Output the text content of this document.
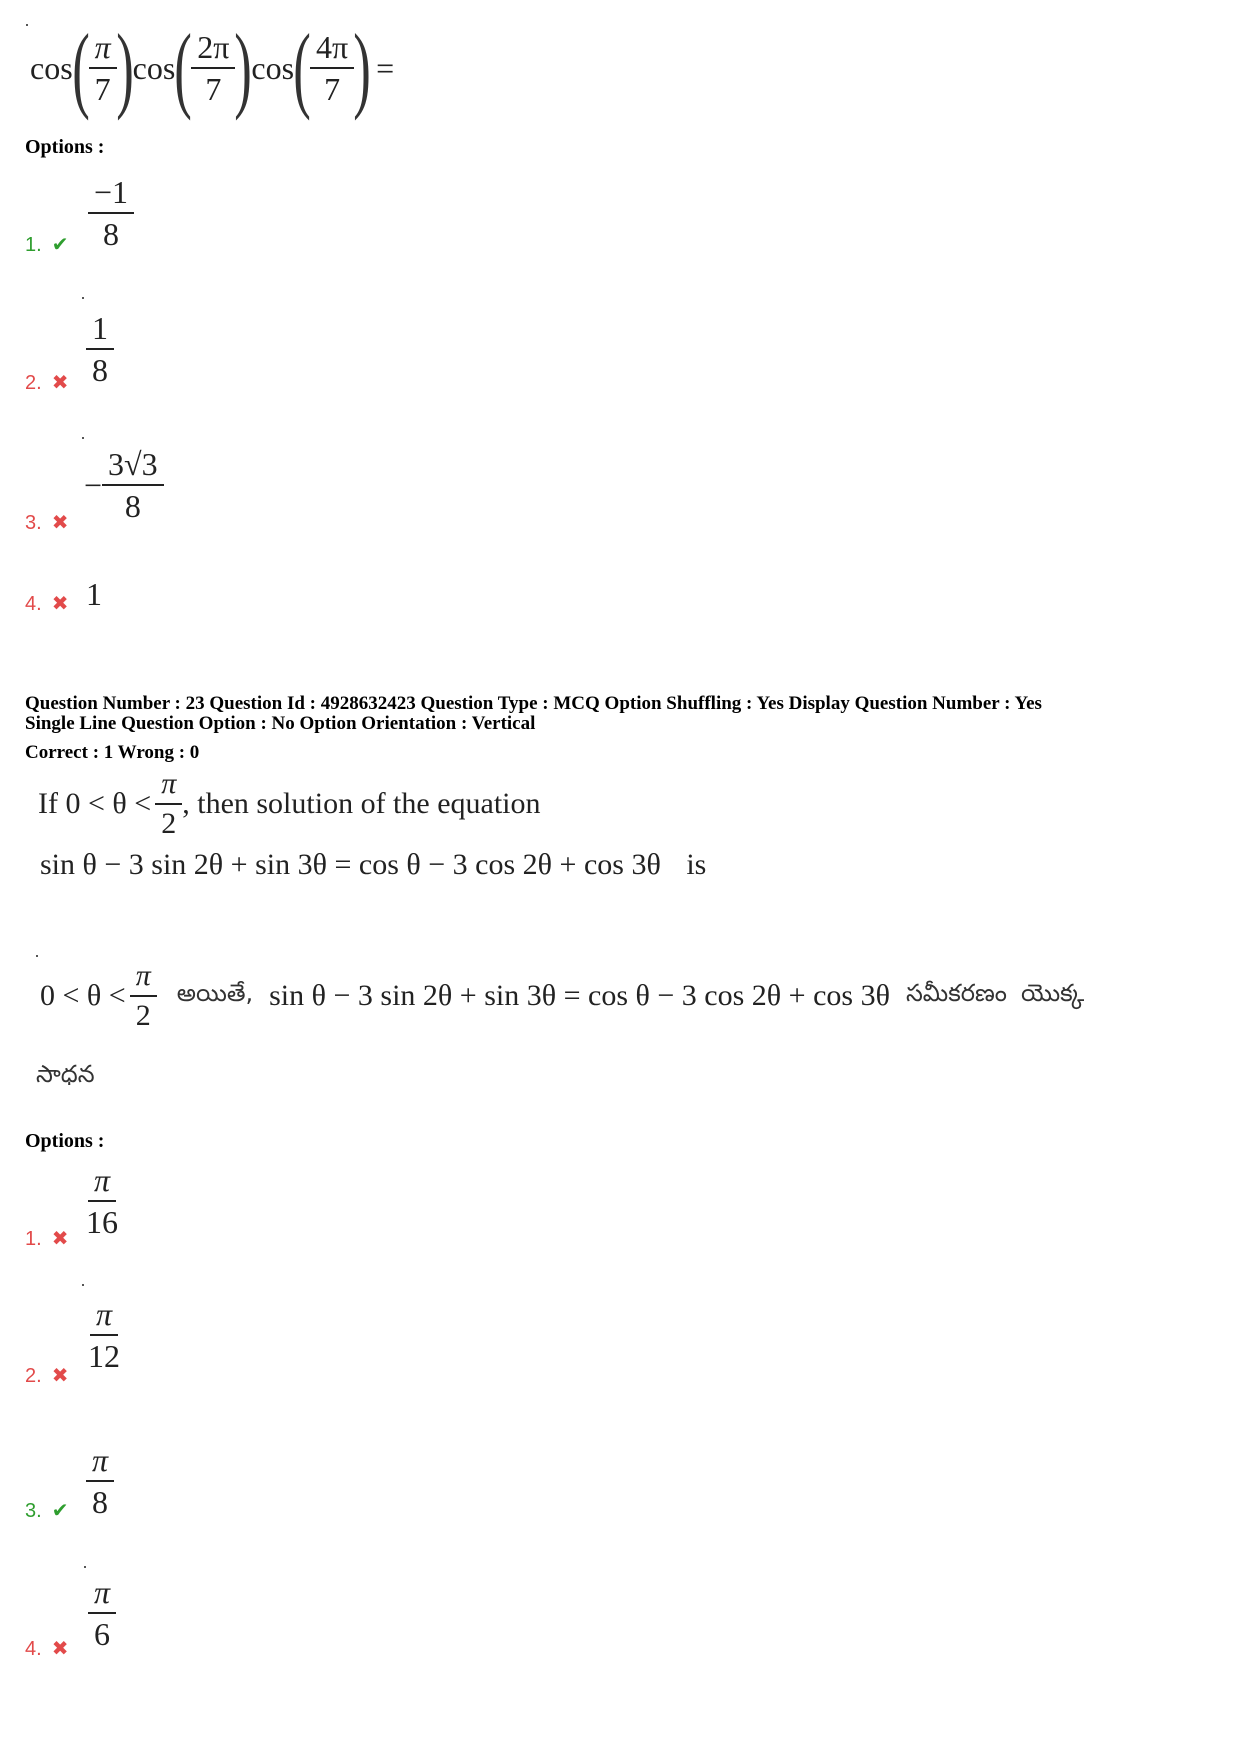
cos ( $\frac{\pi}{7}$ ) cos ( $\frac{2\pi}{7}$ ) cos ( $\frac{4\pi}{7}$ ) =
Options :
1. ✔ $\frac{-1}{8}$
2. ✖ $\frac{1}{8}$
3. ✖
− $\frac{3√3}{8}$
4. ✖ 1
Question Number : 23 Question Id : 4928632423 Question Type : MCQ Option Shuffling : Yes Display Question Number : Yes
Single Line Question Option : No Option Orientation : Vertical
Correct : 1 Wrong : 0
If $0 < \theta < \frac{\pi}{2}$ , then solution of the equation
sin θ − 3 sin 2θ + sin 3θ = cos θ − 3 cos 2θ + cos 3θ is
$0 < \theta < \frac{\pi}{2}$ అయితే, sin θ − 3 sin 2θ + sin 3θ = cos θ − 3 cos 2θ + cos 3θ సమీకరణం యొక్క
సాధన
Options :
1. ✖ $\frac{\pi}{16}$
2. ✖
$\frac{\pi}{12}$
3. ✔ $\frac{\pi}{8}$
4. ✖ $\frac{\pi}{6}$
